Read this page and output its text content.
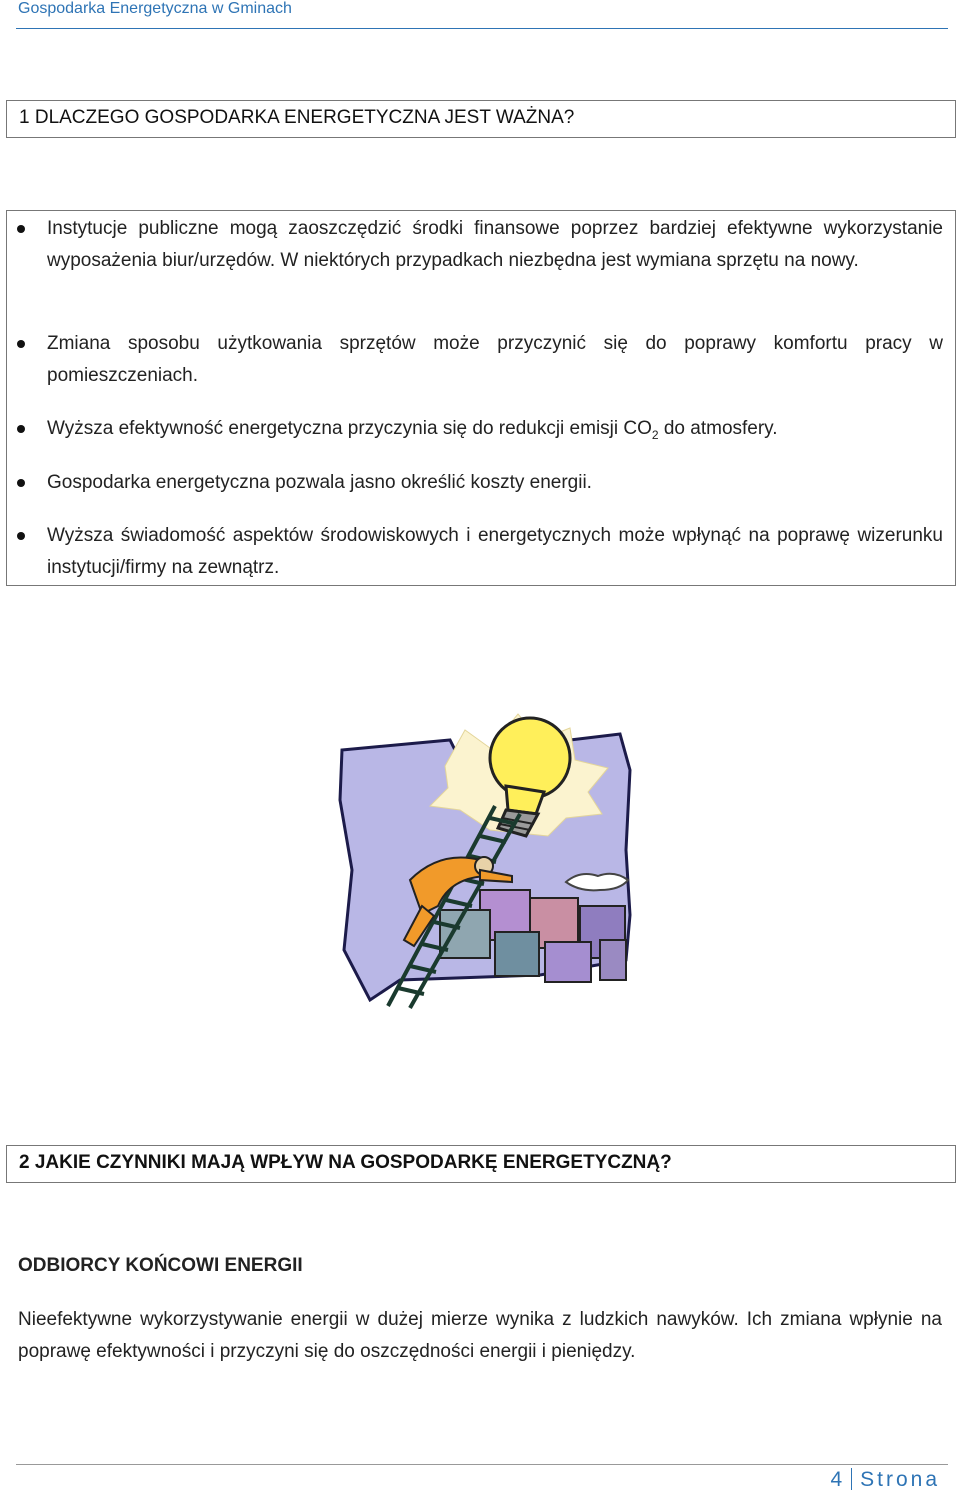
Gospodarka Energetyczna w Gminach
1 DLACZEGO GOSPODARKA ENERGETYCZNA JEST WAŻNA?
Instytucje publiczne mogą zaoszczędzić środki finansowe poprzez bardziej efektywne wykorzystanie wyposażenia biur/urzędów. W niektórych przypadkach niezbędna jest wymiana sprzętu na nowy.
Zmiana sposobu użytkowania sprzętów może przyczynić się do poprawy komfortu pracy w pomieszczeniach.
Wyższa efektywność energetyczna przyczynia się do redukcji emisji $CO_2$ do atmosfery.
Gospodarka energetyczna pozwala jasno określić koszty energii.
Wyższa świadomość aspektów środowiskowych i energetycznych może wpłynąć na poprawę wizerunku instytucji/firmy na zewnątrz.
2 JAKIE CZYNNIKI MAJĄ WPŁYW NA GOSPODARKĘ ENERGETYCZNĄ?
ODBIORCY KOŃCOWI ENERGII

Nieefektywne wykorzystywanie energii w dużej mierze wynika z ludzkich nawyków. Ich zmiana wpłynie na poprawę efektywności i przyczyni się do oszczędności energii i pieniędzy.

4 Strona
